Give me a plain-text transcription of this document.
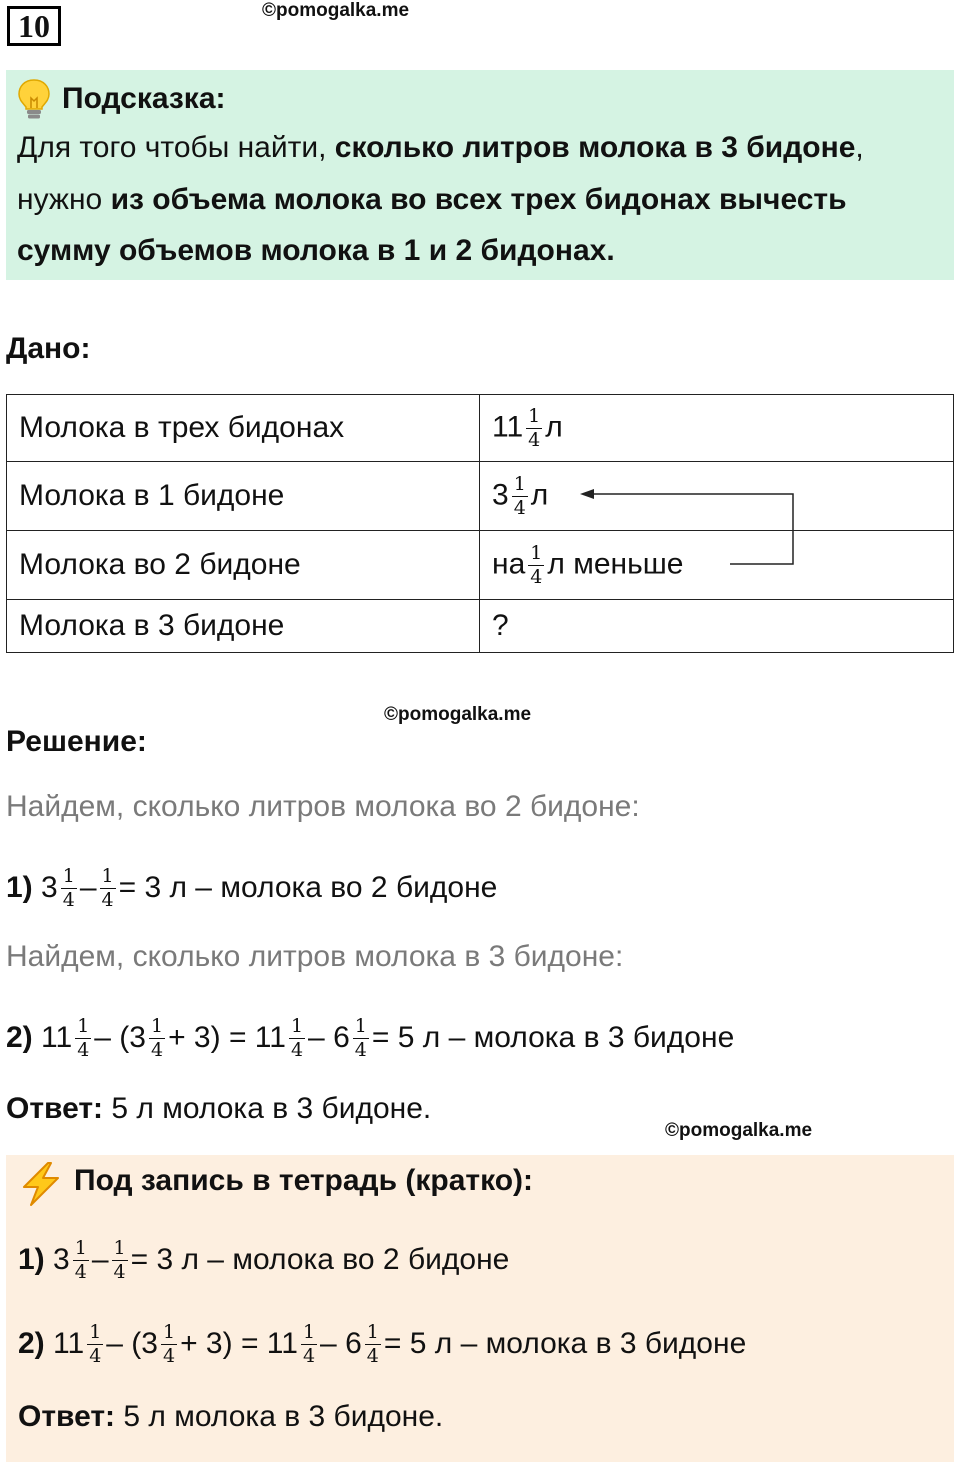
10	©pomogalka.me
Подсказка:
Для того чтобы найти, сколько литров молока в 3 бидоне,
нужно из объема молока во всех трех бидонах вычесть
сумму объемов молока в 1 и 2 бидонах.
Дано:
Молока в трех бидонах	$11 \frac{1}{4}$ л
Молока в 1 бидоне	$3 \frac{1}{4}$ л
Молока во 2 бидоне	на $\frac{1}{4}$ л меньше
Молока в 3 бидоне	?
©pomogalka.me
Решение:
Найдем, сколько литров молока во 2 бидоне:
1)
$3 \frac{1}{4} - \frac{1}{4} = 3$ л – молока во 2 бидоне
Найдем, сколько литров молока в 3 бидоне:
2)
$11 \frac{1}{4} - (3 \frac{1}{4} + 3) = 11 \frac{1}{4} - 6 \frac{1}{4} = 5$ л – молока в 3 бидоне
Ответ: 5 л молока в 3 бидоне.
©pomogalka.me
Под запись в тетрадь (кратко):
1)
$3 \frac{1}{4} - \frac{1}{4} = 3$ л – молока во 2 бидоне
2)
$11 \frac{1}{4} - (3 \frac{1}{4} + 3) = 11 \frac{1}{4} - 6 \frac{1}{4} = 5$ л – молока в 3 бидоне
Ответ: 5 л молока в 3 бидоне.
